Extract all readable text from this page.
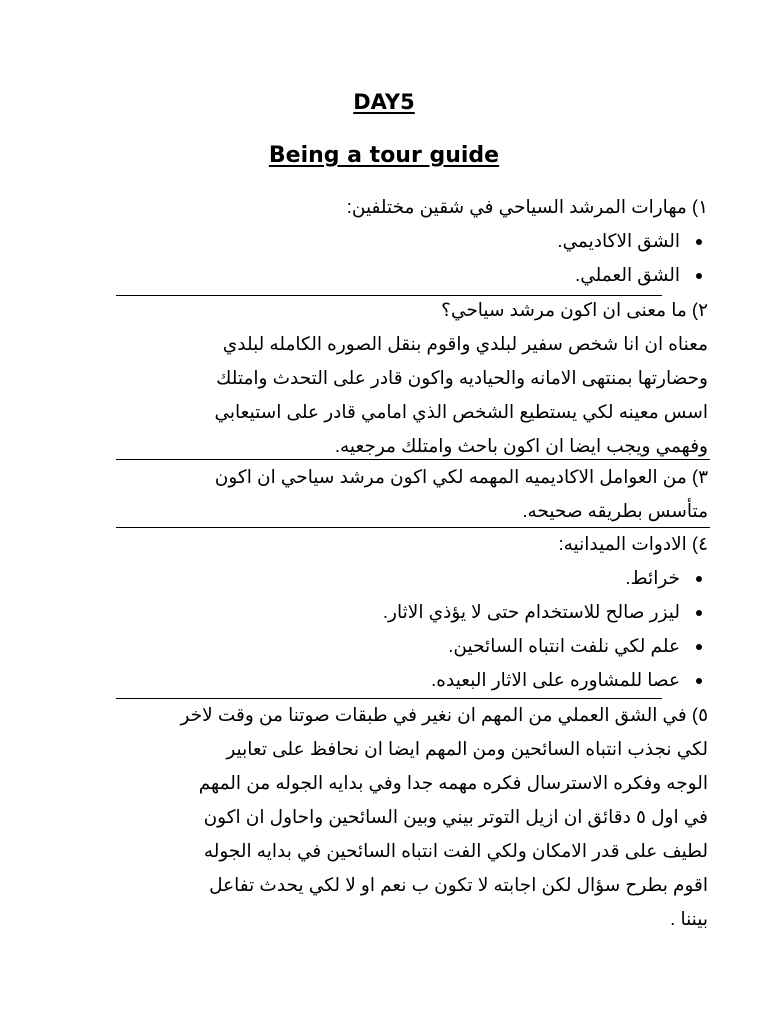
DAY5
Being a tour guide
١) مهارات المرشد السياحي في شقين مختلفين:
• الشق الاكاديمي.
• الشق العملي.
٢) ما معنى ان اكون مرشد سياحي؟
معناه ان انا شخص سفير لبلدي واقوم بنقل الصوره الكامله لبلدي
وحضارتها بمنتهى الامانه والحياديه واكون قادر على التحدث وامتلك
اسس معينه لكي يستطيع الشخص الذي امامي قادر على استيعابي
وفهمي ويجب ايضا ان اكون باحث وامتلك مرجعيه.
٣) من العوامل الاكاديميه المهمه لكي اكون مرشد سياحي ان اكون
متأسس بطريقه صحيحه.
٤) الادوات الميدانيه:
• خرائط.
• ليزر صالح للاستخدام حتى لا يؤذي الاثار.
• علم لكي نلفت انتباه السائحين.
• عصا للمشاوره على الاثار البعيده.
٥) في الشق العملي من المهم ان نغير في طبقات صوتنا من وقت لاخر
لكي نجذب انتباه السائحين ومن المهم ايضا ان نحافظ على تعابير
الوجه وفكره الاسترسال فكره مهمه جدا وفي بدايه الجوله من المهم
في اول ٥ دقائق ان ازيل التوتر بيني وبين السائحين واحاول ان اكون
لطيف على قدر الامكان ولكي الفت انتباه السائحين في بدايه الجوله
اقوم بطرح سؤال لكن اجابته لا تكون ب نعم او لا لكي يحدث تفاعل
بيننا .
